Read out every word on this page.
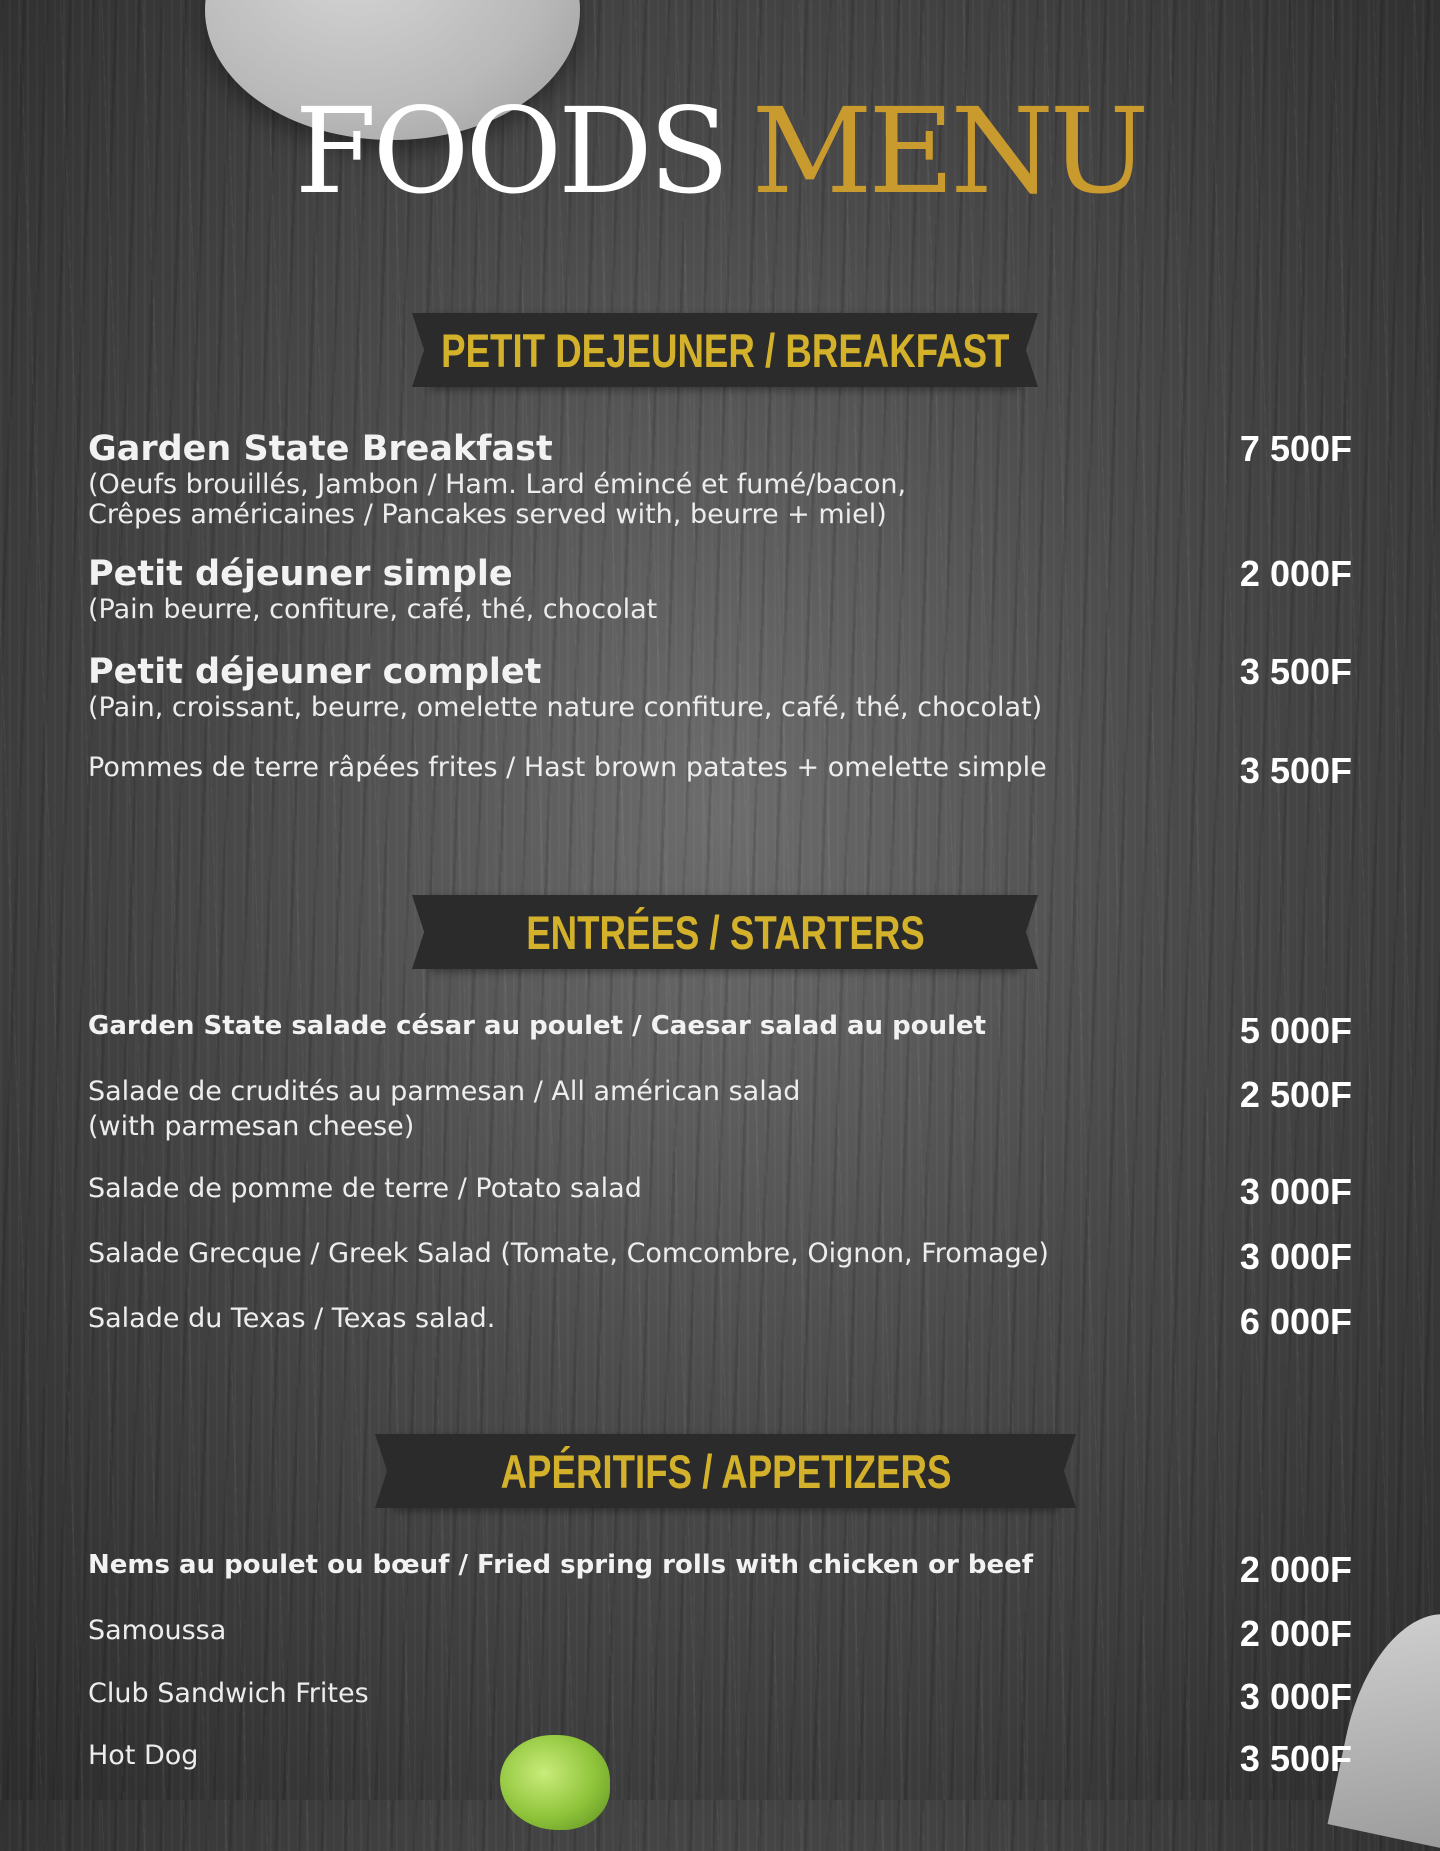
FOODS MENU
PETIT DEJEUNER / BREAKFAST
Garden State Breakfast
(Oeufs brouillés, Jambon / Ham. Lard émincé et fumé/bacon,
Crêpes américaines / Pancakes served with, beurre + miel)
7 500F
Petit déjeuner simple
(Pain beurre, confiture, café, thé, chocolat
2 000F
Petit déjeuner complet
(Pain, croissant, beurre, omelette nature confiture, café, thé, chocolat)
3 500F
Pommes de terre râpées frites / Hast brown patates + omelette simple	3 500F
ENTRÉES / STARTERS
Garden State salade césar au poulet / Caesar salad au poulet	5 000F
Salade de crudités au parmesan / All américan salad
(with parmesan cheese)
2 500F
Salade de pomme de terre / Potato salad	3 000F
Salade Grecque / Greek Salad (Tomate, Comcombre, Oignon, Fromage)	3 000F
Salade du Texas / Texas salad.	6 000F
APÉRITIFS / APPETIZERS
Nems au poulet ou bœuf / Fried spring rolls with chicken or beef	2 000F
Samoussa	2 000F
Club Sandwich Frites	3 000F
Hot Dog	3 500F
